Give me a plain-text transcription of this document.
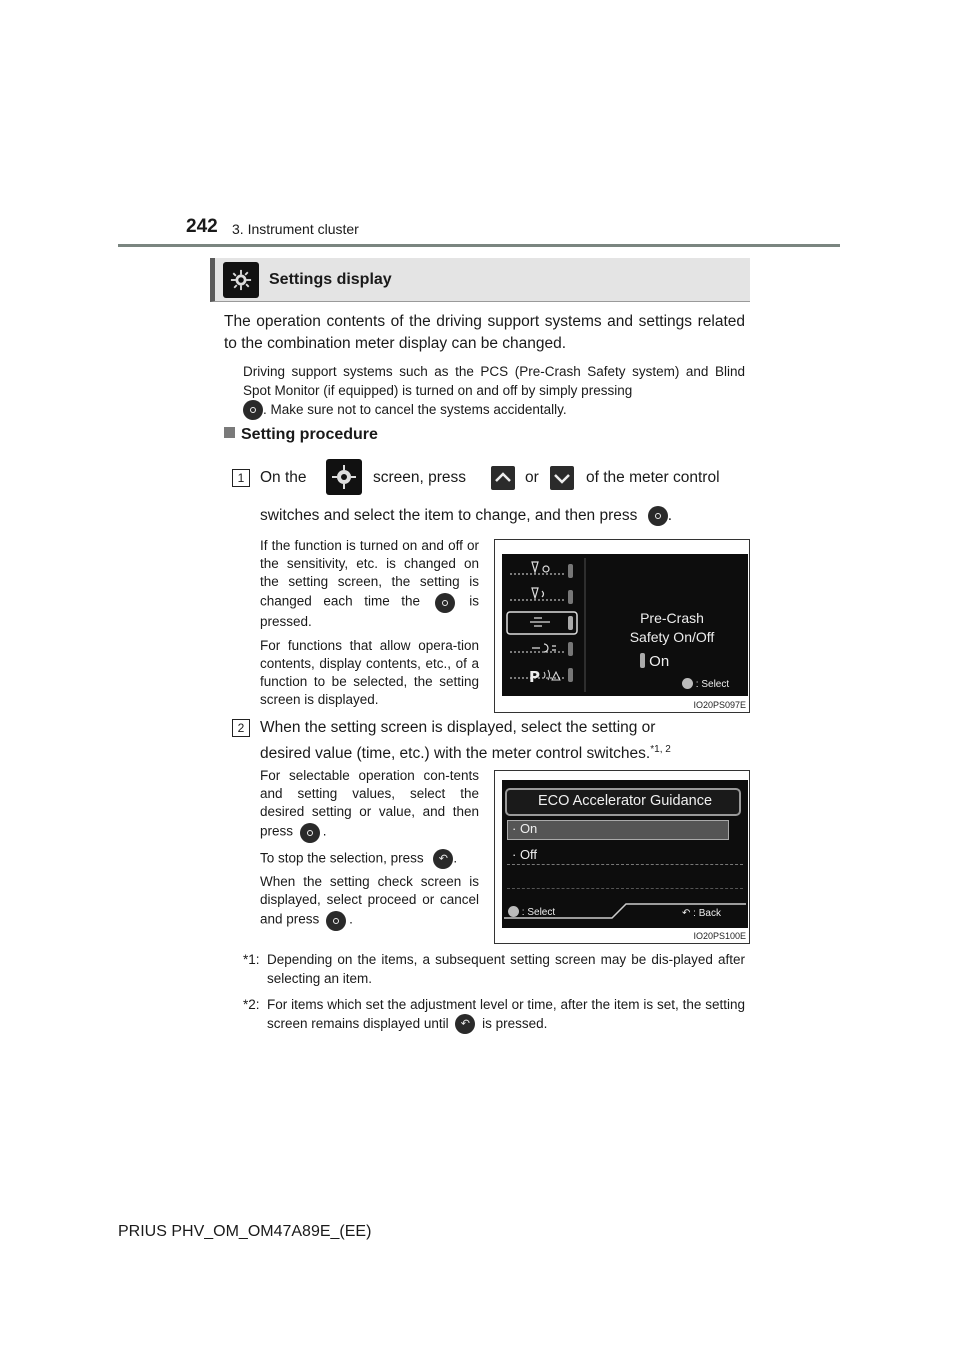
242 3. Instrument cluster
Settings display
The operation contents of the driving support systems and settings related to the combination meter display can be changed.
Driving support systems such as the PCS (Pre-Crash Safety system) and Blind Spot Monitor (if equipped) is turned on and off by simply pressing
. Make sure not to cancel the systems accidentally.
Setting procedure
1	On the	screen, press	or	of the meter control
switches and select the item to change, and then press .
If the function is turned on and off or the sensitivity, etc. is changed on the setting screen, the setting is changed each time the	is pressed.
For functions that allow opera-tion contents, display contents, etc., of a function to be selected, the setting screen is displayed.
P
Pre-Crash
Safety On/Off
On
: Select
IO20PS097E
2	When the setting screen is displayed, select the setting or
desired value (time, etc.) with the meter control switches.$^{*1, 2}$
For selectable operation con-tents and setting values, select the desired setting or value, and then press .
To stop the selection, press ↶ .
When the setting check screen is displayed, select proceed or cancel and press .
ECO Accelerator Guidance
· On
· Off
: Select	↶ : Back
IO20PS100E
*1: Depending on the items, a subsequent setting screen may be dis-played after selecting an item.
*2: For items which set the adjustment level or time, after the item is set, the setting screen remains displayed until ↶ is pressed.
PRIUS PHV_OM_OM47A89E_(EE)
